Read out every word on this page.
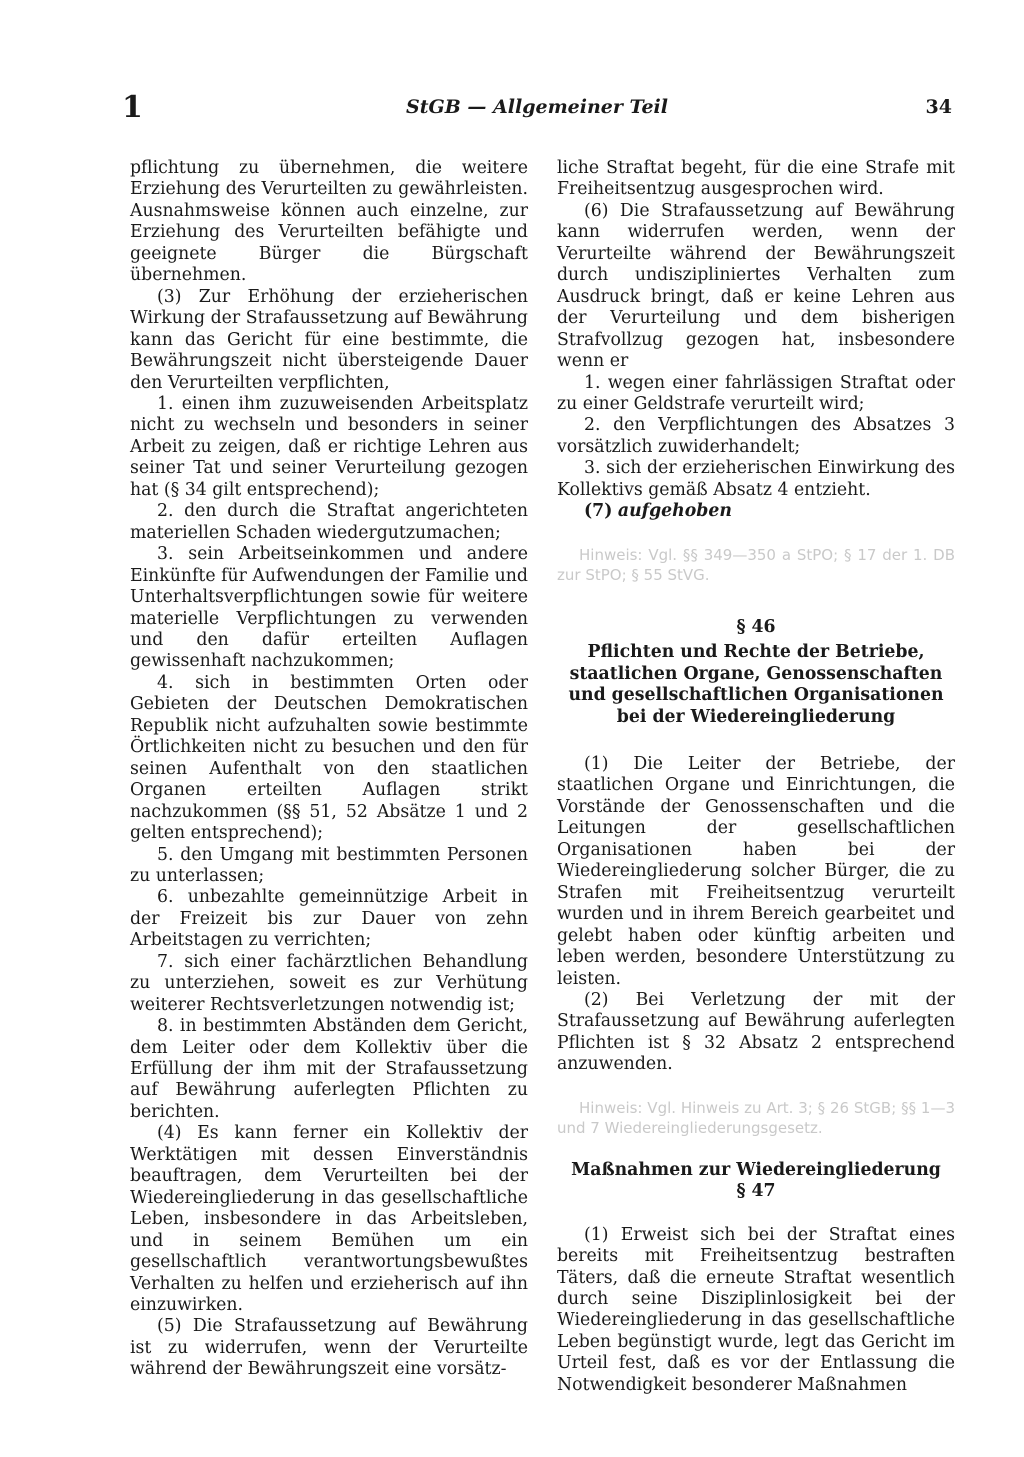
1	StGB — Allgemeiner Teil	34

pflichtung zu übernehmen, die weitere Erziehung des Verurteilten zu gewährleisten. Ausnahmsweise können auch einzelne, zur Erziehung des Verurteilten befähigte und geeignete Bürger die Bürgschaft übernehmen.

(3) Zur Erhöhung der erzieherischen Wirkung der Strafaussetzung auf Bewährung kann das Gericht für eine bestimmte, die Bewährungszeit nicht übersteigende Dauer den Verurteilten verpflichten,

1. einen ihm zuzuweisenden Arbeitsplatz nicht zu wechseln und besonders in seiner Arbeit zu zeigen, daß er richtige Lehren aus seiner Tat und seiner Verurteilung gezogen hat (§ 34 gilt entsprechend);

2. den durch die Straftat angerichteten materiellen Schaden wiedergutzumachen;

3. sein Arbeitseinkommen und andere Einkünfte für Aufwendungen der Familie und Unterhaltsverpflichtungen sowie für weitere materielle Verpflichtungen zu verwenden und den dafür erteilten Auflagen gewissenhaft nachzukommen;

4. sich in bestimmten Orten oder Gebieten der Deutschen Demokratischen Republik nicht aufzuhalten sowie bestimmte Örtlichkeiten nicht zu besuchen und den für seinen Aufenthalt von den staatlichen Organen erteilten Auflagen strikt nachzukommen (§§ 51, 52 Absätze 1 und 2 gelten entsprechend);

5. den Umgang mit bestimmten Personen zu unterlassen;

6. unbezahlte gemeinnützige Arbeit in der Freizeit bis zur Dauer von zehn Arbeitstagen zu verrichten;

7. sich einer fachärztlichen Behandlung zu unterziehen, soweit es zur Verhütung weiterer Rechtsverletzungen notwendig ist;

8. in bestimmten Abständen dem Gericht, dem Leiter oder dem Kollektiv über die Erfüllung der ihm mit der Strafaussetzung auf Bewährung auferlegten Pflichten zu berichten.

(4) Es kann ferner ein Kollektiv der Werktätigen mit dessen Einverständnis beauftragen, dem Verurteilten bei der Wiedereingliederung in das gesellschaftliche Leben, insbesondere in das Arbeitsleben, und in seinem Bemühen um ein gesellschaftlich verantwortungsbewußtes Verhalten zu helfen und erzieherisch auf ihn einzuwirken.

(5) Die Strafaussetzung auf Bewährung ist zu widerrufen, wenn der Verurteilte während der Bewährungszeit eine vorsätz-

liche Straftat begeht, für die eine Strafe mit Freiheitsentzug ausgesprochen wird.

(6) Die Strafaussetzung auf Bewährung kann widerrufen werden, wenn der Verurteilte während der Bewährungszeit durch undiszipliniertes Verhalten zum Ausdruck bringt, daß er keine Lehren aus der Verurteilung und dem bisherigen Strafvollzug gezogen hat, insbesondere wenn er

1. wegen einer fahrlässigen Straftat oder zu einer Geldstrafe verurteilt wird;

2. den Verpflichtungen des Absatzes 3 vorsätzlich zuwiderhandelt;

3. sich der erzieherischen Einwirkung des Kollektivs gemäß Absatz 4 entzieht.

(7) aufgehoben

Hinweis: Vgl. §§ 349—350 a StPO; § 17 der 1. DB zur StPO; § 55 StVG.

§ 46
Pflichten und Rechte der Betriebe,
staatlichen Organe, Genossenschaften
und gesellschaftlichen Organisationen
bei der Wiedereingliederung

(1) Die Leiter der Betriebe, der staatlichen Organe und Einrichtungen, die Vorstände der Genossenschaften und die Leitungen der gesellschaftlichen Organisationen haben bei der Wiedereingliederung solcher Bürger, die zu Strafen mit Freiheitsentzug verurteilt wurden und in ihrem Bereich gearbeitet und gelebt haben oder künftig arbeiten und leben werden, besondere Unterstützung zu leisten.

(2) Bei Verletzung der mit der Strafaussetzung auf Bewährung auferlegten Pflichten ist § 32 Absatz 2 entsprechend anzuwenden.

Hinweis: Vgl. Hinweis zu Art. 3; § 26 StGB; §§ 1—3 und 7 Wiedereingliederungsgesetz.

Maßnahmen zur Wiedereingliederung
§ 47

(1) Erweist sich bei der Straftat eines bereits mit Freiheitsentzug bestraften Täters, daß die erneute Straftat wesentlich durch seine Disziplinlosigkeit bei der Wiedereingliederung in das gesellschaftliche Leben begünstigt wurde, legt das Gericht im Urteil fest, daß es vor der Entlassung die Notwendigkeit besonderer Maßnahmen
